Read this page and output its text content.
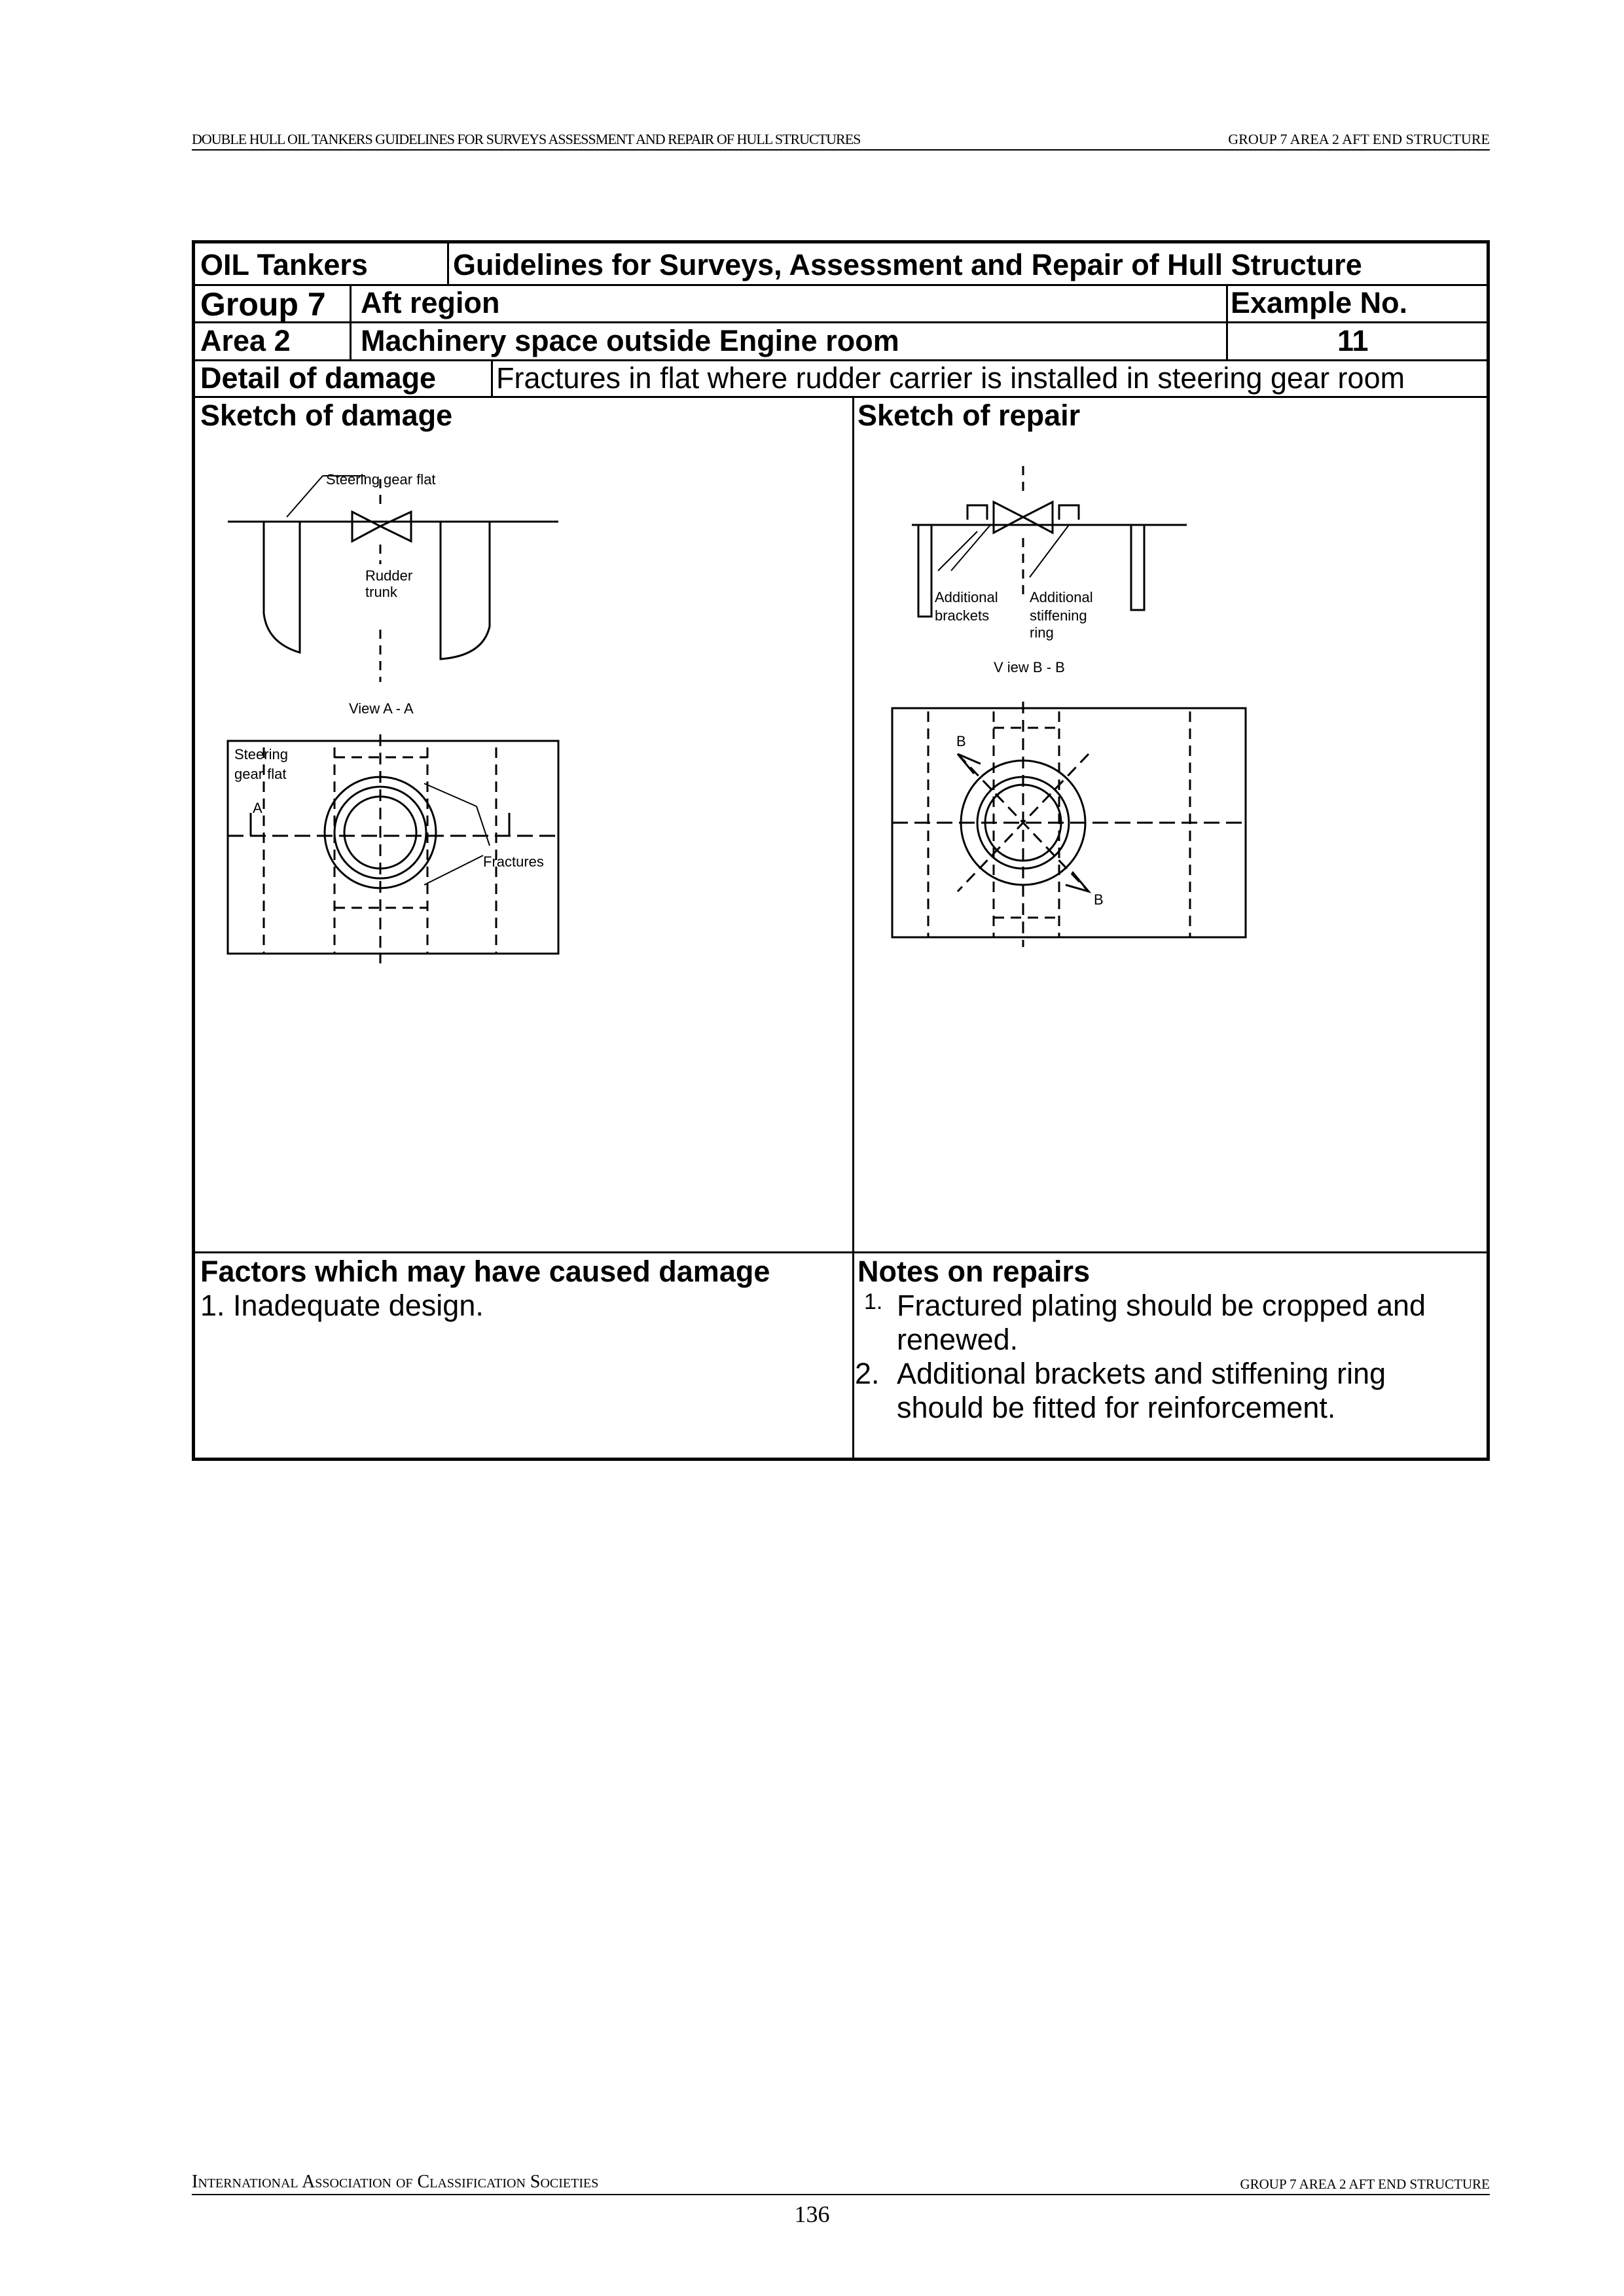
DOUBLE HULL OIL TANKERS GUIDELINES FOR SURVEYS ASSESSMENT AND REPAIR OF HULL STRUCTURES	GROUP 7 AREA 2 AFT END STRUCTURE
OIL Tankers	Guidelines for Surveys, Assessment and Repair of Hull Structure
Group 7 Aft region	Example No.
Area 2 Machinery space outside Engine room	11
Detail of damage Fractures in flat where rudder carrier is installed in steering gear room
Sketch of damage	Sketch of repair
Steering gear flat
Rudder
trunk
View A - A
Steering
gear flat
A
Fractures
Additional
brackets
Additional
stiffening
ring
V iew B - B
B
B
Factors which may have caused damage
1. Inadequate design.
Notes on repairs
1. Fractured plating should be cropped and
renewed.
2. Additional brackets and stiffening ring
should be fitted for reinforcement.
International Association of Classification Societies	GROUP 7 AREA 2 AFT END STRUCTURE
136
